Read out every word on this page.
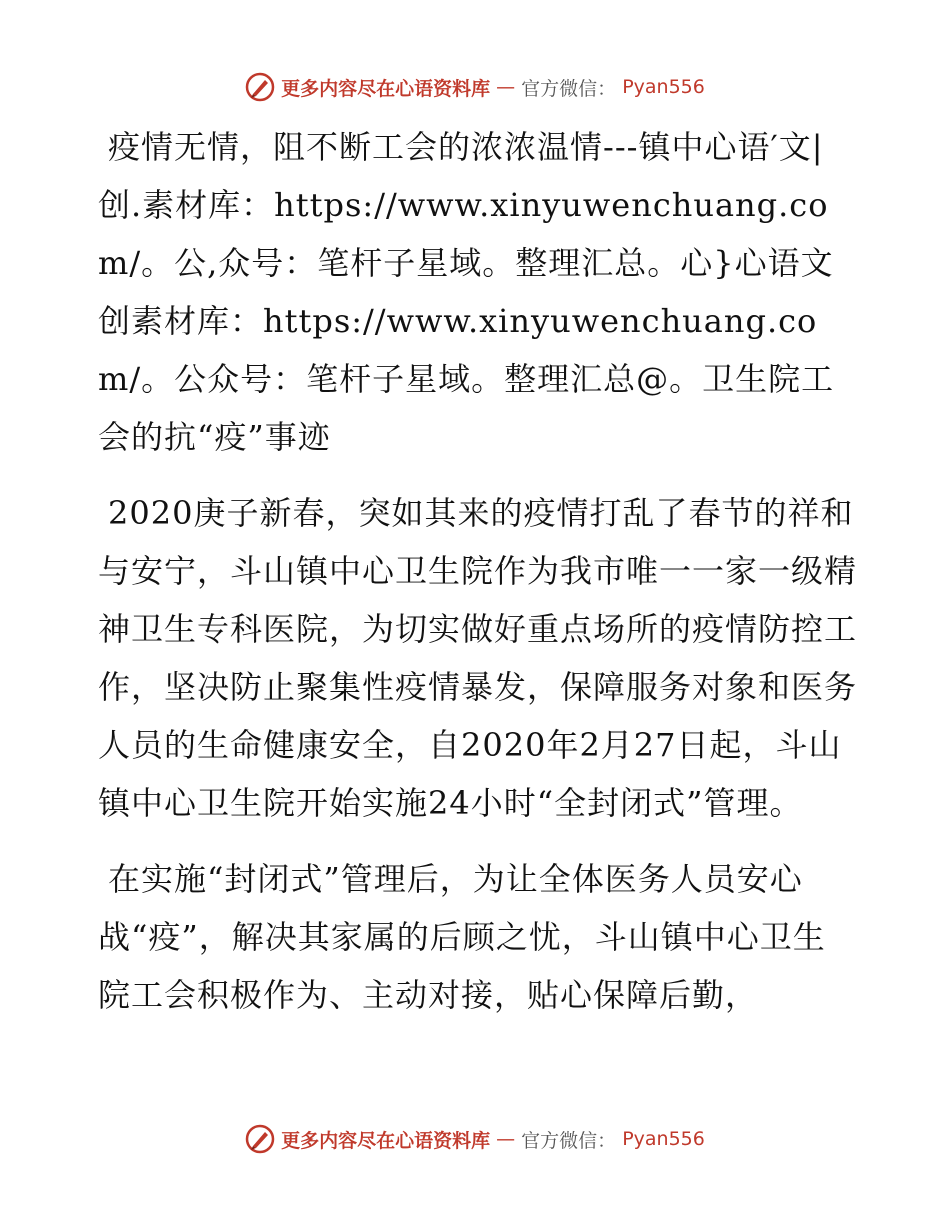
更多内容尽在心语资料库 — 官方微信： Pyan556

疫情无情，阻不断工会的浓浓温情---镇中心语′文|创.素材库：https://www.xinyuwenchuang.com/。公,众号：笔杆子星域。整理汇总。心}心语文创素材库：https://www.xinyuwenchuang.com/。公众号：笔杆子星域。整理汇总@。卫生院工会的抗“疫”事迹

2020庚子新春，突如其来的疫情打乱了春节的祥和与安宁，斗山镇中心卫生院作为我市唯一一家一级精神卫生专科医院，为切实做好重点场所的疫情防控工作，坚决防止聚集性疫情暴发，保障服务对象和医务人员的生命健康安全，自2020年2月27日起，斗山镇中心卫生院开始实施24小时“全封闭式”管理。

在实施“封闭式”管理后，为让全体医务人员安心战“疫”，解决其家属的后顾之忧，斗山镇中心卫生院工会积极作为、主动对接，贴心保障后勤，

更多内容尽在心语资料库 — 官方微信： Pyan556
